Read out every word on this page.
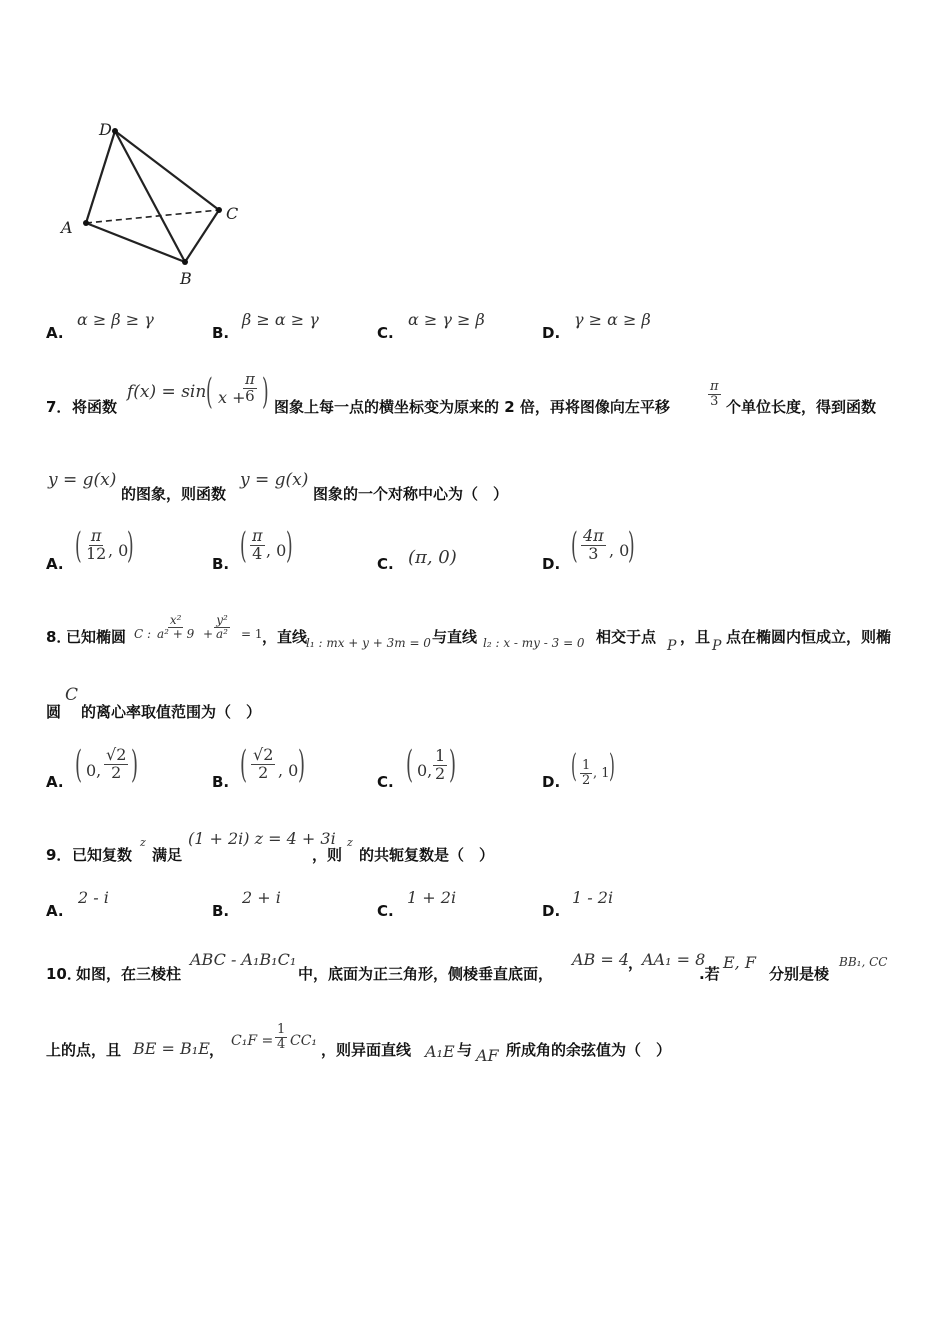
D
A
C
B
A.
α ≥ β ≥ γ
B.
β ≥ α ≥ γ
C.
α ≥ γ ≥ β
D.
γ ≥ α ≥ β
7． 将函数
f(x) = sin ( x +
$\frac{\pi}{6}$ ) 图象上每一点的横坐标变为原来的 2 倍，再将图像向左平移	$\frac{\pi}{3}$ 个单位长度，得到函数
y = g(x)
的图象，则函数
y = g(x)
图象的一个对称中心为（　）
A. ( $\frac{\pi}{12}$ , 0
)	B. ( $\frac{\pi}{4}$ , 0 )	C. (π, 0)	D. ( $\frac{4\pi}{3}$ , 0
)
8．
已知椭圆 C : $\frac{\text{x²}}{\text{a² + 9}} + \frac{\text{y²}}{\text{a²}} = 1$ ，直线
l₁ : mx + y + 3m = 0 与直线 l₂ : x - my - 3 = 0 相交于点 P ，且 P 点在椭圆内恒成立，则椭
圆
C
的离心率取值范围为（　）
A. ( 0, $\frac{√2}{2}$ )	B. ( $\frac{√2}{2}$ , 0 )	C. ( 0, $\frac{1}{2}$ )	D. ( $\frac{1}{2}$ , 1 )
9． 已知复数
z
满足
(1 + 2i) z = 4 + 3i
，则
z
的共轭复数是（　）
A.
2 - i
B.
2 + i
C.
1 + 2i
D.
1 - 2i
10．
如图，在三棱柱
ABC - A₁B₁C₁
中，底面为正三角形，侧棱垂直底面，
AB = 4
，
AA₁ = 8
.若
E, F
分别是棱
BB₁, CC
上的点，且 BE = B₁E ， $C_1F = \frac{1}{4} CC_1$ ，则异面直线 A₁E 与 AF 所成角的余弦值为（　）
